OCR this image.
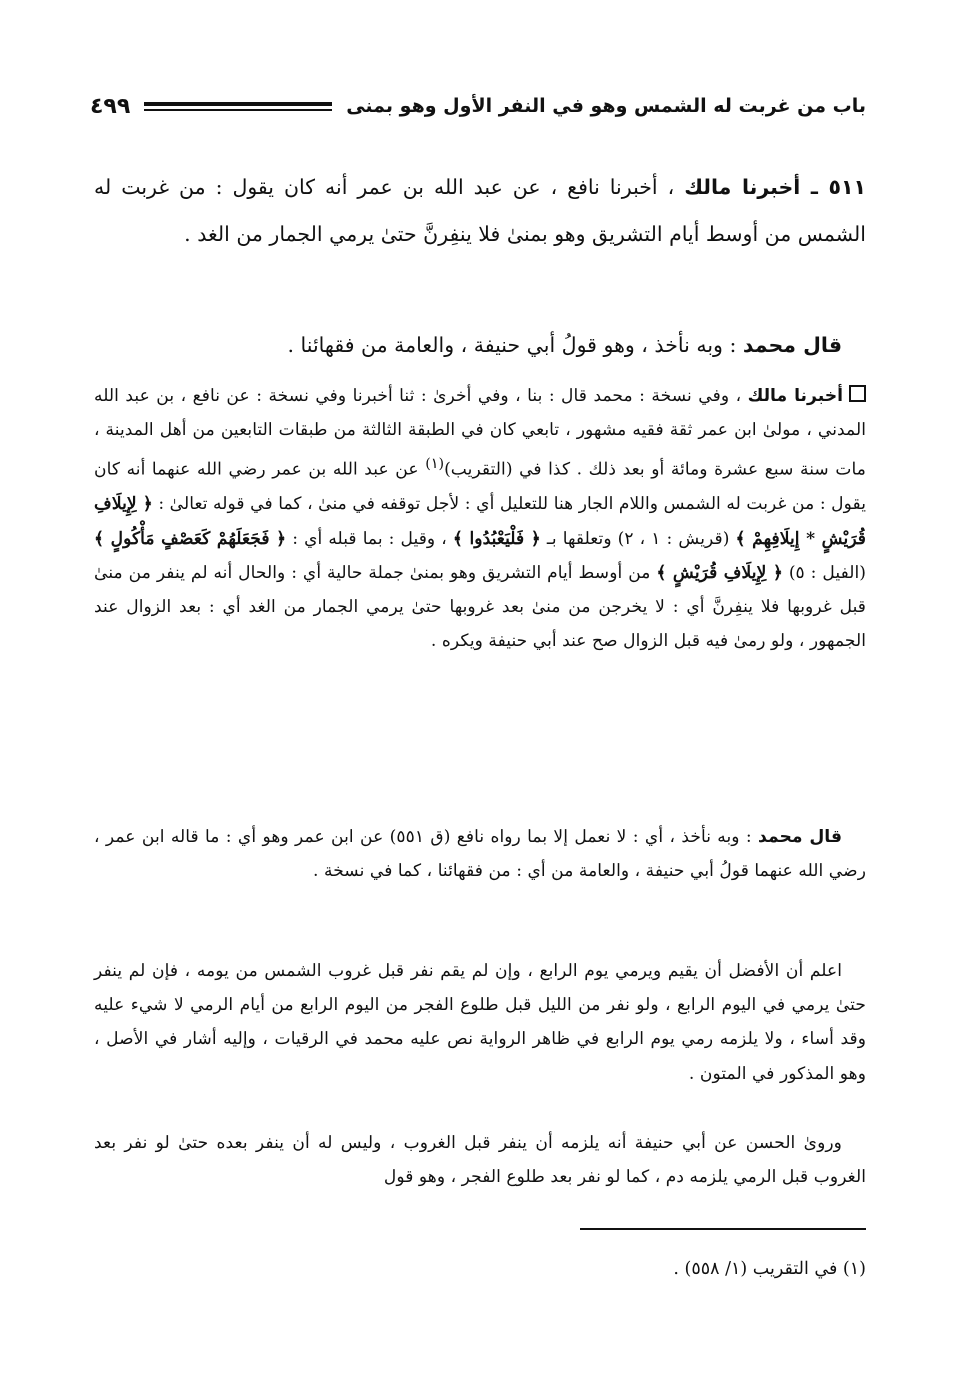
باب من غربت له الشمس وهو في النفر الأول وهو بمنى
٤٩٩

٥١١ ـ أخبرنا مالك ، أخبرنا نافع ، عن عبد الله بن عمر أنه كان يقول : من غربت له الشمس من أوسط أيام التشريق وهو بمنىٰ فلا ينفِرنَّ حتىٰ يرمي الجمار من الغد .

قال محمد : وبه نأخذ ، وهو قولُ أبي حنيفة ، والعامة من فقهائنا .

أخبرنا مالك ، وفي نسخة : محمد قال : بنا ، وفي أخرىٰ : ثنا أخبرنا وفي نسخة : عن نافع ، بن عبد الله المدني ، مولىٰ ابن عمر ثقة فقيه مشهور ، تابعي كان في الطبقة الثالثة من طبقات التابعين من أهل المدينة ، مات سنة سبع عشرة ومائة أو بعد ذلك . كذا في (التقريب)$^{(١)}$ عن عبد الله بن عمر رضي الله عنهما أنه كان يقول : من غربت له الشمس واللام الجار هنا للتعليل أي : لأجل توقفه في منىٰ ، كما في قوله تعالىٰ : ﴿ لِإِيلَافِ قُرَيْشٍ * إِيلَافِهِمْ ﴾ (قريش : ١ ، ٢) وتعلقها بـ ﴿ فَلْيَعْبُدُوا ﴾ ، وقيل : بما قبله أي : ﴿ فَجَعَلَهُمْ كَعَصْفٍ مَأْكُولٍ ﴾ (الفيل : ٥) ﴿ لِإِيلَافِ قُرَيْشٍ ﴾ من أوسط أيام التشريق وهو بمنىٰ جملة حالية أي : والحال أنه لم ينفر من منىٰ قبل غروبها فلا ينفِرنَّ أي : لا يخرجن من منىٰ بعد غروبها حتىٰ يرمي الجمار من الغد أي : بعد الزوال عند الجمهور ، ولو رمىٰ فيه قبل الزوال صح عند أبي حنيفة ويكره .

قال محمد : وبه نأخذ ، أي : لا نعمل إلا بما رواه نافع (ق ٥٥١) عن ابن عمر وهو أي : ما قاله ابن عمر ، رضي الله عنهما قولُ أبي حنيفة ، والعامة من أي : من فقهائنا ، كما في نسخة .

اعلم أن الأفضل أن يقيم ويرمي يوم الرابع ، وإن لم يقم نفر قبل غروب الشمس من يومه ، فإن لم ينفر حتىٰ يرمي في اليوم الرابع ، ولو نفر من الليل قبل طلوع الفجر من اليوم الرابع من أيام الرمي لا شيء عليه وقد أساء ، ولا يلزمه رمي يوم الرابع في ظاهر الرواية نص عليه محمد في الرقيات ، وإليه أشار في الأصل ، وهو المذكور في المتون .

وروىٰ الحسن عن أبي حنيفة أنه يلزمه أن ينفر قبل الغروب ، وليس له أن ينفر بعده حتىٰ لو نفر بعد الغروب قبل الرمي يلزمه دم ، كما لو نفر بعد طلوع الفجر ، وهو قول

(١) في التقريب (١/ ٥٥٨) .
